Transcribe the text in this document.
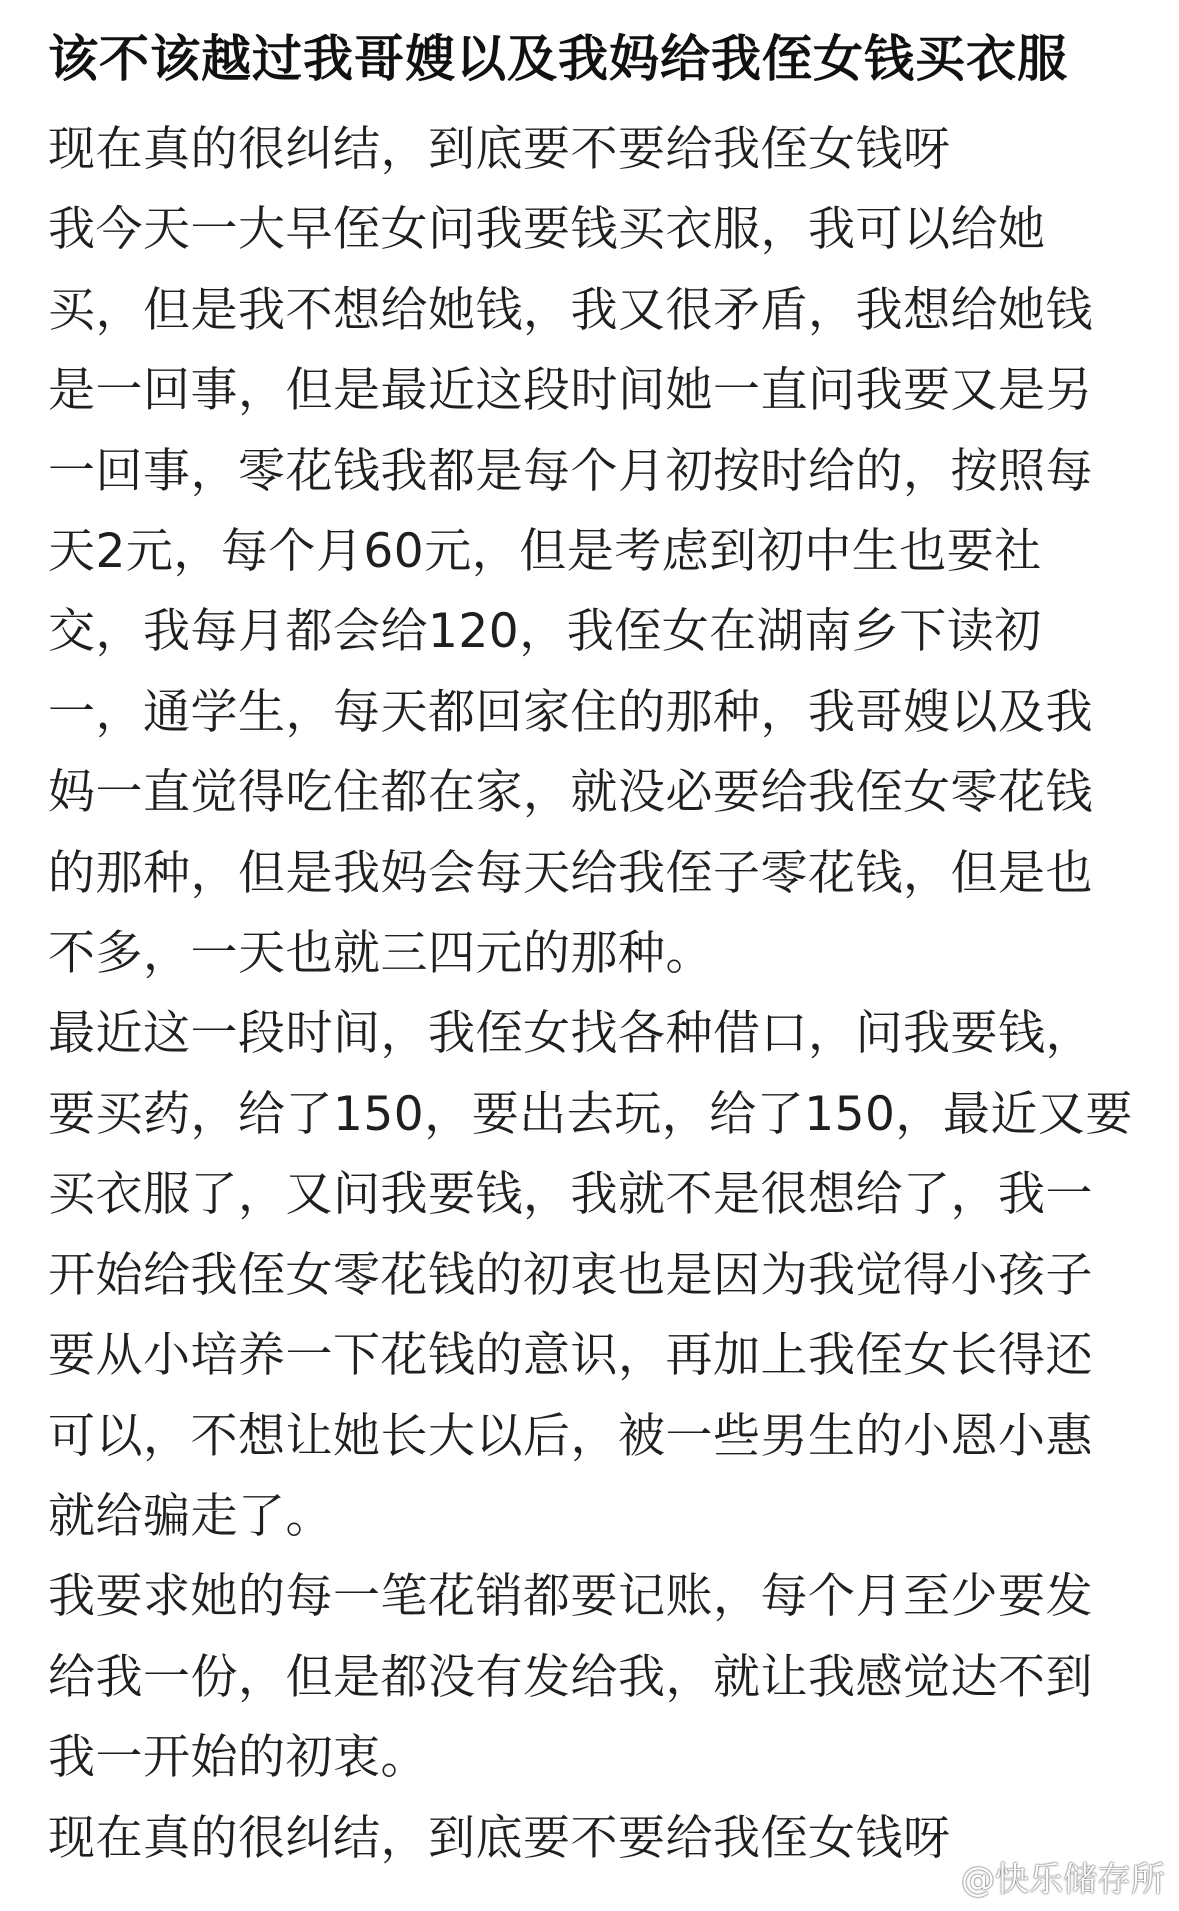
该不该越过我哥嫂以及我妈给我侄女钱买衣服

现在真的很纠结，到底要不要给我侄女钱呀

我今天一大早侄女问我要钱买衣服，我可以给她买，但是我不想给她钱，我又很矛盾，我想给她钱是一回事，但是最近这段时间她一直问我要又是另一回事，零花钱我都是每个月初按时给的，按照每天2元，每个月60元，但是考虑到初中生也要社交，我每月都会给120，我侄女在湖南乡下读初一，通学生，每天都回家住的那种，我哥嫂以及我妈一直觉得吃住都在家，就没必要给我侄女零花钱的那种，但是我妈会每天给我侄子零花钱，但是也不多，一天也就三四元的那种。

最近这一段时间，我侄女找各种借口，问我要钱，要买药，给了150，要出去玩，给了150，最近又要买衣服了，又问我要钱，我就不是很想给了，我一开始给我侄女零花钱的初衷也是因为我觉得小孩子要从小培养一下花钱的意识，再加上我侄女长得还可以，不想让她长大以后，被一些男生的小恩小惠就给骗走了。

我要求她的每一笔花销都要记账，每个月至少要发给我一份，但是都没有发给我，就让我感觉达不到我一开始的初衷。

现在真的很纠结，到底要不要给我侄女钱呀

@快乐储存所
